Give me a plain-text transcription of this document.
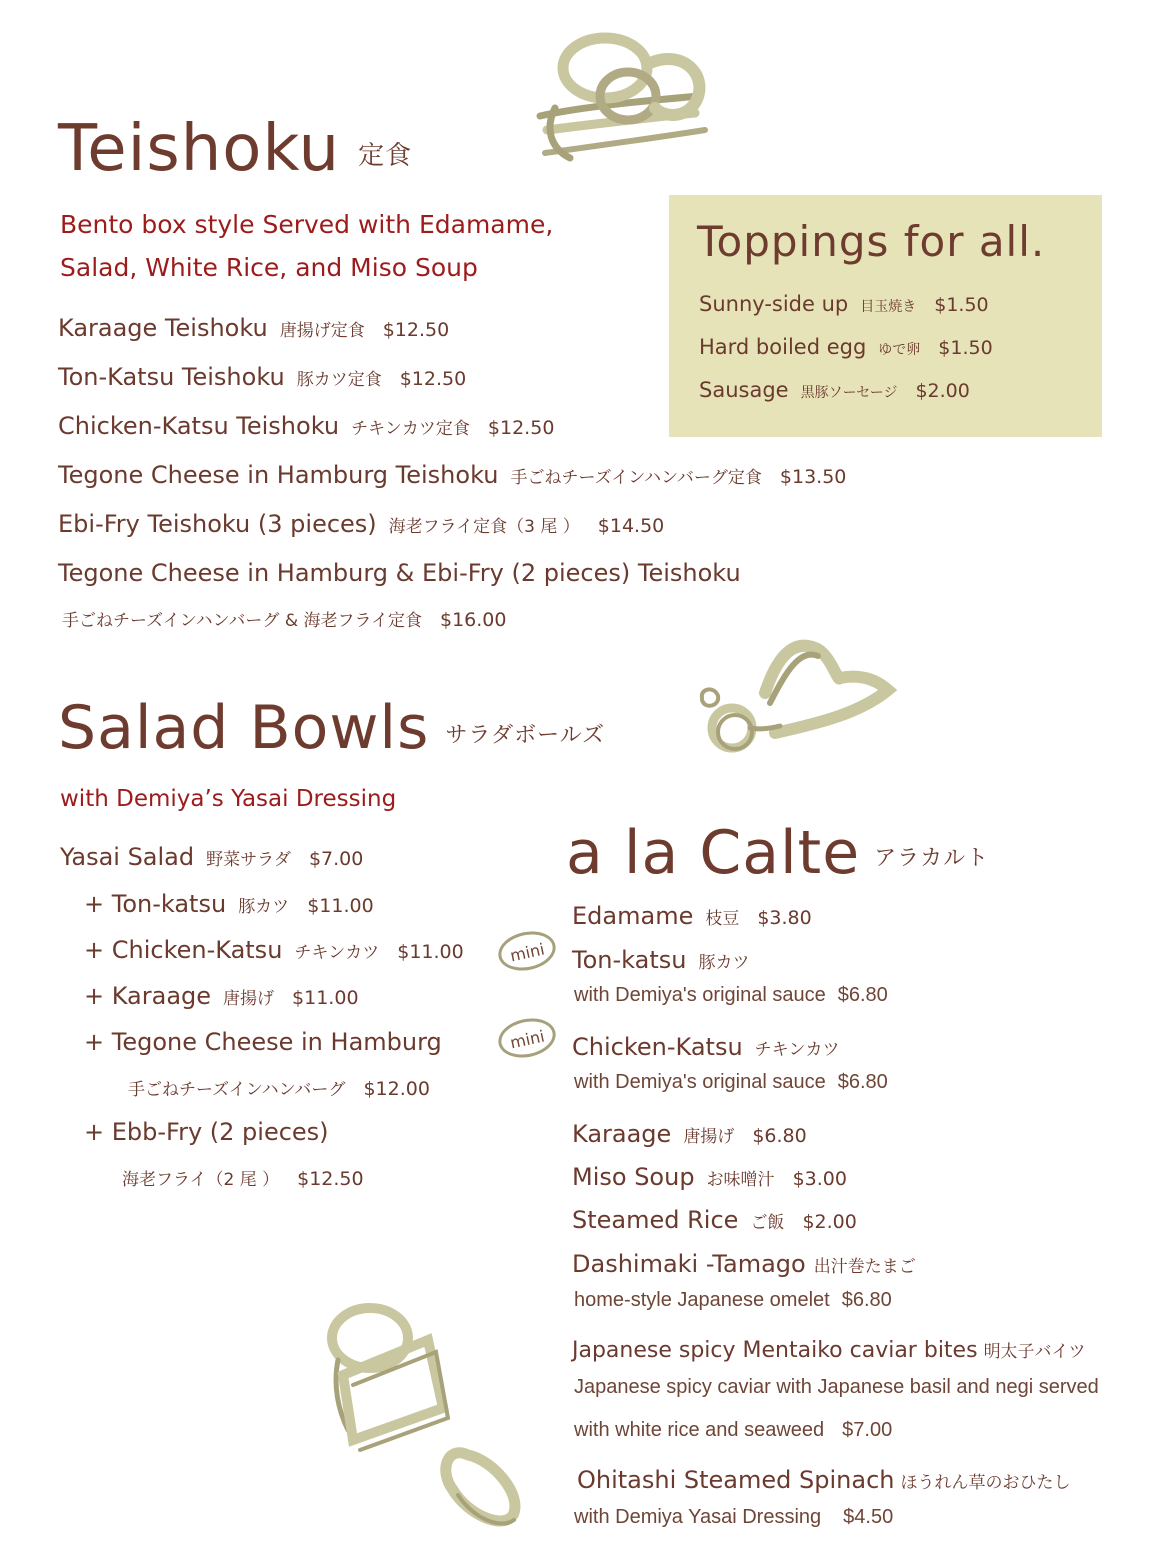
Teishoku 定食
Bento box style Served with Edamame,
Salad, White Rice, and Miso Soup
Karaage Teishoku 唐揚げ定食 $12.50
Ton-Katsu Teishoku 豚カツ定食 $12.50
Chicken-Katsu Teishoku チキンカツ定食 $12.50
Tegone Cheese in Hamburg Teishoku 手ごねチーズインハンバーグ定食 $13.50
Ebi-Fry Teishoku (3 pieces) 海老フライ定食（3 尾 ） $14.50
Tegone Cheese in Hamburg & Ebi-Fry (2 pieces) Teishoku
手ごねチーズインハンバーグ & 海老フライ定食 $16.00
Toppings for all.
Sunny-side up 目玉焼き $1.50
Hard boiled egg ゆで卵 $1.50
Sausage 黒豚ソーセージ $2.00
Salad Bowls サラダボールズ
with Demiya’s Yasai Dressing
Yasai Salad 野菜サラダ $7.00
+ Ton-katsu 豚カツ $11.00
+ Chicken-Katsu チキンカツ $11.00
+ Karaage 唐揚げ $11.00
+ Tegone Cheese in Hamburg
手ごねチーズインハンバーグ $12.00
+ Ebb-Fry (2 pieces)
海老フライ（2 尾 ） $12.50
a la Calte アラカルト
Edamame 枝豆 $3.80
mini	Ton-katsu 豚カツ
with Demiya's original sauce $6.80
mini	Chicken-Katsu チキンカツ
with Demiya's original sauce $6.80
Karaage 唐揚げ $6.80
Miso Soup お味噌汁 $3.00
Steamed Rice ご飯 $2.00
Dashimaki -Tamago 出汁巻たまご
home-style Japanese omelet $6.80
Japanese spicy Mentaiko caviar bites 明太子バイツ
Japanese spicy caviar with Japanese basil and negi served
with white rice and seaweed $7.00
Ohitashi Steamed Spinach ほうれん草のおひたし
with Demiya Yasai Dressing $4.50
